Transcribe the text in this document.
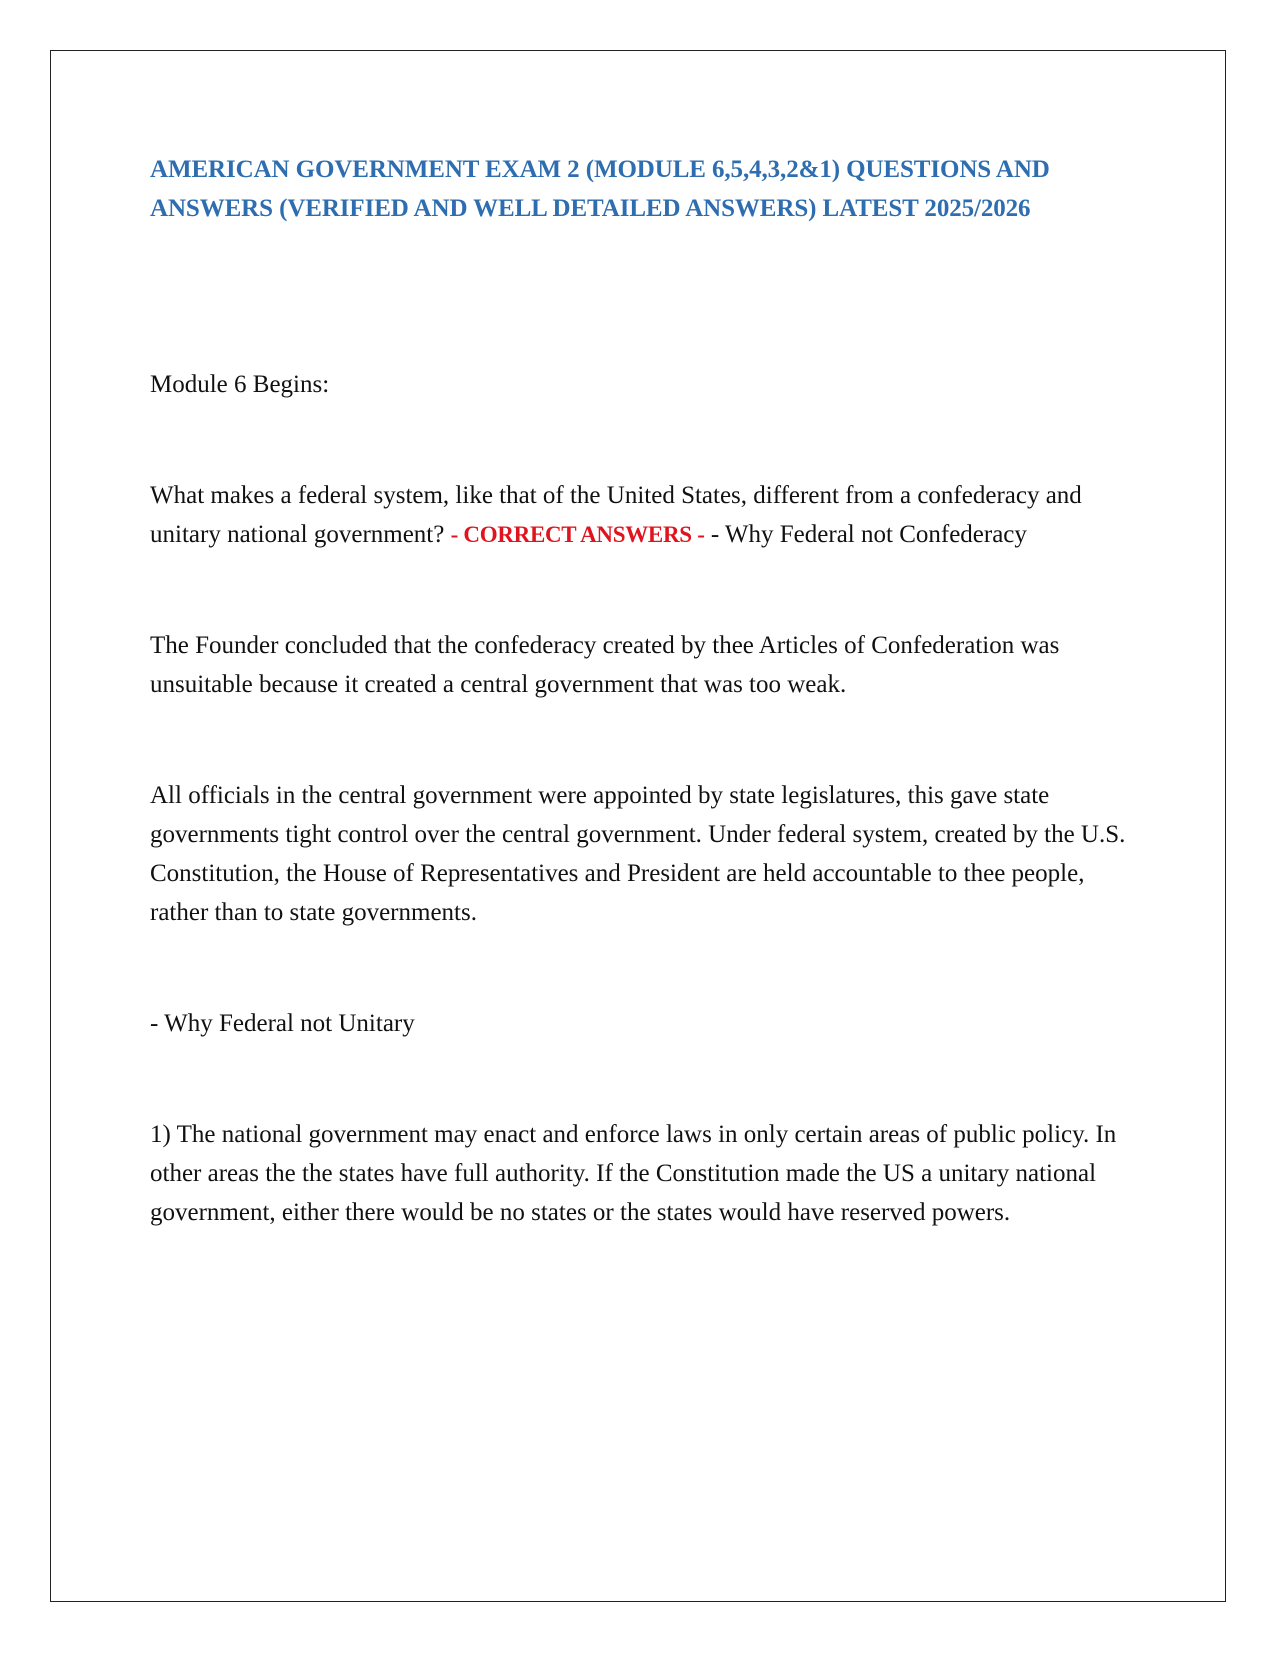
AMERICAN GOVERNMENT EXAM 2 (MODULE 6,5,4,3,2&1) QUESTIONS AND ANSWERS (VERIFIED AND WELL DETAILED ANSWERS) LATEST 2025/2026

Module 6 Begins:

What makes a federal system, like that of the United States, different from a confederacy and unitary national government? - CORRECT ANSWERS - - Why Federal not Confederacy

The Founder concluded that the confederacy created by thee Articles of Confederation was unsuitable because it created a central government that was too weak.

All officials in the central government were appointed by state legislatures, this gave state governments tight control over the central government. Under federal system, created by the U.S. Constitution, the House of Representatives and President are held accountable to thee people, rather than to state governments.

- Why Federal not Unitary

1) The national government may enact and enforce laws in only certain areas of public policy. In other areas the the states have full authority. If the Constitution made the US a unitary national government, either there would be no states or the states would have reserved powers.
